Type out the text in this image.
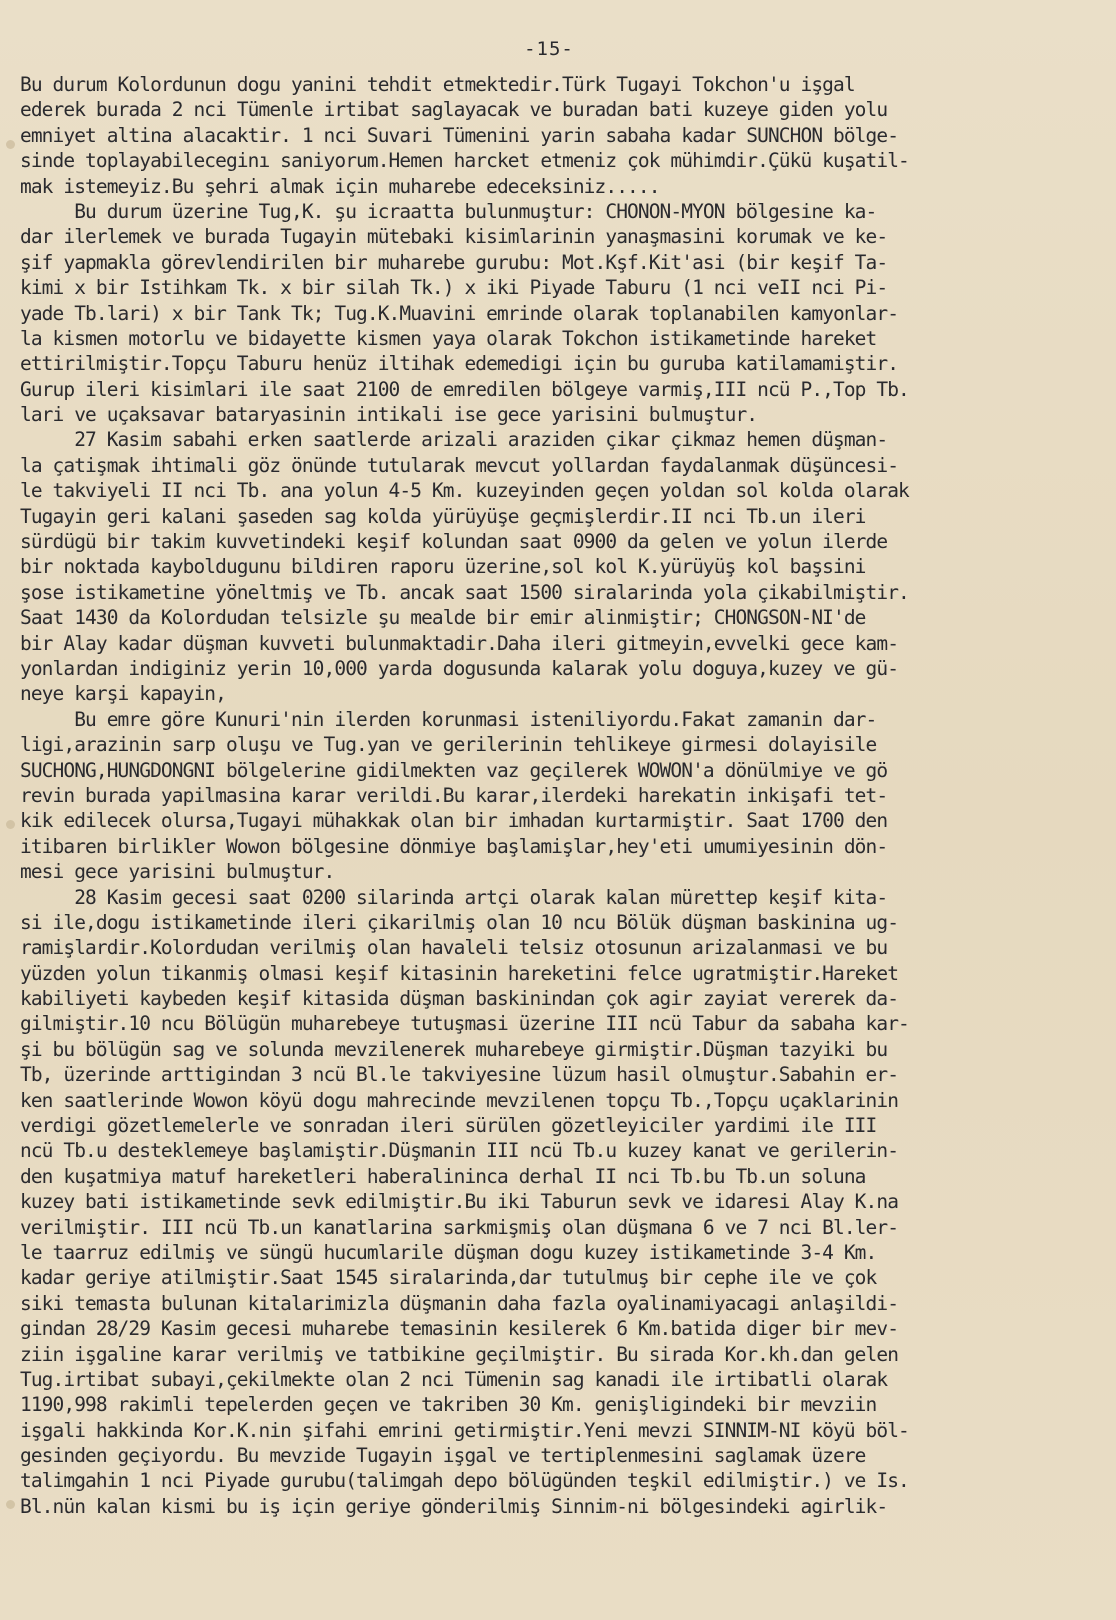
-15-
Bu durum Kolordunun dogu yanini tehdit etmektedir.Türk Tugayi Tokchon'u işgal
ederek burada 2 nci Tümenle irtibat saglayacak ve buradan bati kuzeye giden yolu
emniyet altina alacaktir. 1 nci Suvari Tümenini yarin sabaha kadar SUNCHON bölge-
sinde toplayabileceginı saniyorum.Hemen harcket etmeniz çok mühimdir.Çükü kuşatil-
mak istemeyiz.Bu şehri almak için muharebe edeceksiniz.....
Bu durum üzerine Tug,K. şu icraatta bulunmuştur: CHONON-MYON bölgesine ka-
dar ilerlemek ve burada Tugayin mütebaki kisimlarinin yanaşmasini korumak ve ke-
şif yapmakla görevlendirilen bir muharebe gurubu: Mot.Kşf.Kit'asi (bir keşif Ta-
kimi x bir Istihkam Tk. x bir silah Tk.) x iki Piyade Taburu (1 nci veII nci Pi-
yade Tb.lari) x bir Tank Tk; Tug.K.Muavini emrinde olarak toplanabilen kamyonlar-
la kismen motorlu ve bidayette kismen yaya olarak Tokchon istikametinde hareket
ettirilmiştir.Topçu Taburu henüz iltihak edemedigi için bu guruba katilamamiştir.
Gurup ileri kisimlari ile saat 2100 de emredilen bölgeye varmiş,III ncü P.,Top Tb.
lari ve uçaksavar bataryasinin intikali ise gece yarisini bulmuştur.
27 Kasim sabahi erken saatlerde arizali araziden çikar çikmaz hemen düşman-
la çatişmak ihtimali göz önünde tutularak mevcut yollardan faydalanmak düşüncesi-
le takviyeli II nci Tb. ana yolun 4-5 Km. kuzeyinden geçen yoldan sol kolda olarak
Tugayin geri kalani şaseden sag kolda yürüyüşe geçmişlerdir.II nci Tb.un ileri
sürdügü bir takim kuvvetindeki keşif kolundan saat 0900 da gelen ve yolun ilerde
bir noktada kayboldugunu bildiren raporu üzerine,sol kol K.yürüyüş kol başsini
şose istikametine yöneltmiş ve Tb. ancak saat 1500 siralarinda yola çikabilmiştir.
Saat 1430 da Kolordudan telsizle şu mealde bir emir alinmiştir; CHONGSON-NI'de
bir Alay kadar düşman kuvveti bulunmaktadir.Daha ileri gitmeyin,evvelki gece kam-
yonlardan indiginiz yerin 10,000 yarda dogusunda kalarak yolu doguya,kuzey ve gü-
neye karşi kapayin,
Bu emre göre Kunuri'nin ilerden korunmasi isteniliyordu.Fakat zamanin dar-
ligi,arazinin sarp oluşu ve Tug.yan ve gerilerinin tehlikeye girmesi dolayisile
SUCHONG,HUNGDONGNI bölgelerine gidilmekten vaz geçilerek WOWON'a dönülmiye ve gö
revin burada yapilmasina karar verildi.Bu karar,ilerdeki harekatin inkişafi tet-
kik edilecek olursa,Tugayi mühakkak olan bir imhadan kurtarmiştir. Saat 1700 den
itibaren birlikler Wowon bölgesine dönmiye başlamişlar,hey'eti umumiyesinin dön-
mesi gece yarisini bulmuştur.
28 Kasim gecesi saat 0200 silarinda artçi olarak kalan mürettep keşif kita-
si ile,dogu istikametinde ileri çikarilmiş olan 10 ncu Bölük düşman baskinina ug-
ramişlardir.Kolordudan verilmiş olan havaleli telsiz otosunun arizalanmasi ve bu
yüzden yolun tikanmiş olmasi keşif kitasinin hareketini felce ugratmiştir.Hareket
kabiliyeti kaybeden keşif kitasida düşman baskinindan çok agir zayiat vererek da-
gilmiştir.10 ncu Bölügün muharebeye tutuşmasi üzerine III ncü Tabur da sabaha kar-
şi bu bölügün sag ve solunda mevzilenerek muharebeye girmiştir.Düşman tazyiki bu
Tb, üzerinde arttigindan 3 ncü Bl.le takviyesine lüzum hasil olmuştur.Sabahin er-
ken saatlerinde Wowon köyü dogu mahrecinde mevzilenen topçu Tb.,Topçu uçaklarinin
verdigi gözetlemelerle ve sonradan ileri sürülen gözetleyiciler yardimi ile III
ncü Tb.u desteklemeye başlamiştir.Düşmanin III ncü Tb.u kuzey kanat ve gerilerin-
den kuşatmiya matuf hareketleri haberalininca derhal II nci Tb.bu Tb.un soluna
kuzey bati istikametinde sevk edilmiştir.Bu iki Taburun sevk ve idaresi Alay K.na
verilmiştir. III ncü Tb.un kanatlarina sarkmişmiş olan düşmana 6 ve 7 nci Bl.ler-
le taarruz edilmiş ve süngü hucumlarile düşman dogu kuzey istikametinde 3-4 Km.
kadar geriye atilmiştir.Saat 1545 siralarinda,dar tutulmuş bir cephe ile ve çok
siki temasta bulunan kitalarimizla düşmanin daha fazla oyalinamiyacagi anlaşildi-
gindan 28/29 Kasim gecesi muharebe temasinin kesilerek 6 Km.batida diger bir mev-
ziin işgaline karar verilmiş ve tatbikine geçilmiştir. Bu sirada Kor.kh.dan gelen
Tug.irtibat subayi,çekilmekte olan 2 nci Tümenin sag kanadi ile irtibatli olarak
1190,998 rakimli tepelerden geçen ve takriben 30 Km. genişligindeki bir mevziin
işgali hakkinda Kor.K.nin şifahi emrini getirmiştir.Yeni mevzi SINNIM-NI köyü böl-
gesinden geçiyordu. Bu mevzide Tugayin işgal ve tertiplenmesini saglamak üzere
talimgahin 1 nci Piyade gurubu(talimgah depo bölügünden teşkil edilmiştir.) ve Is.
Bl.nün kalan kismi bu iş için geriye gönderilmiş Sinnim-ni bölgesindeki agirlik-
